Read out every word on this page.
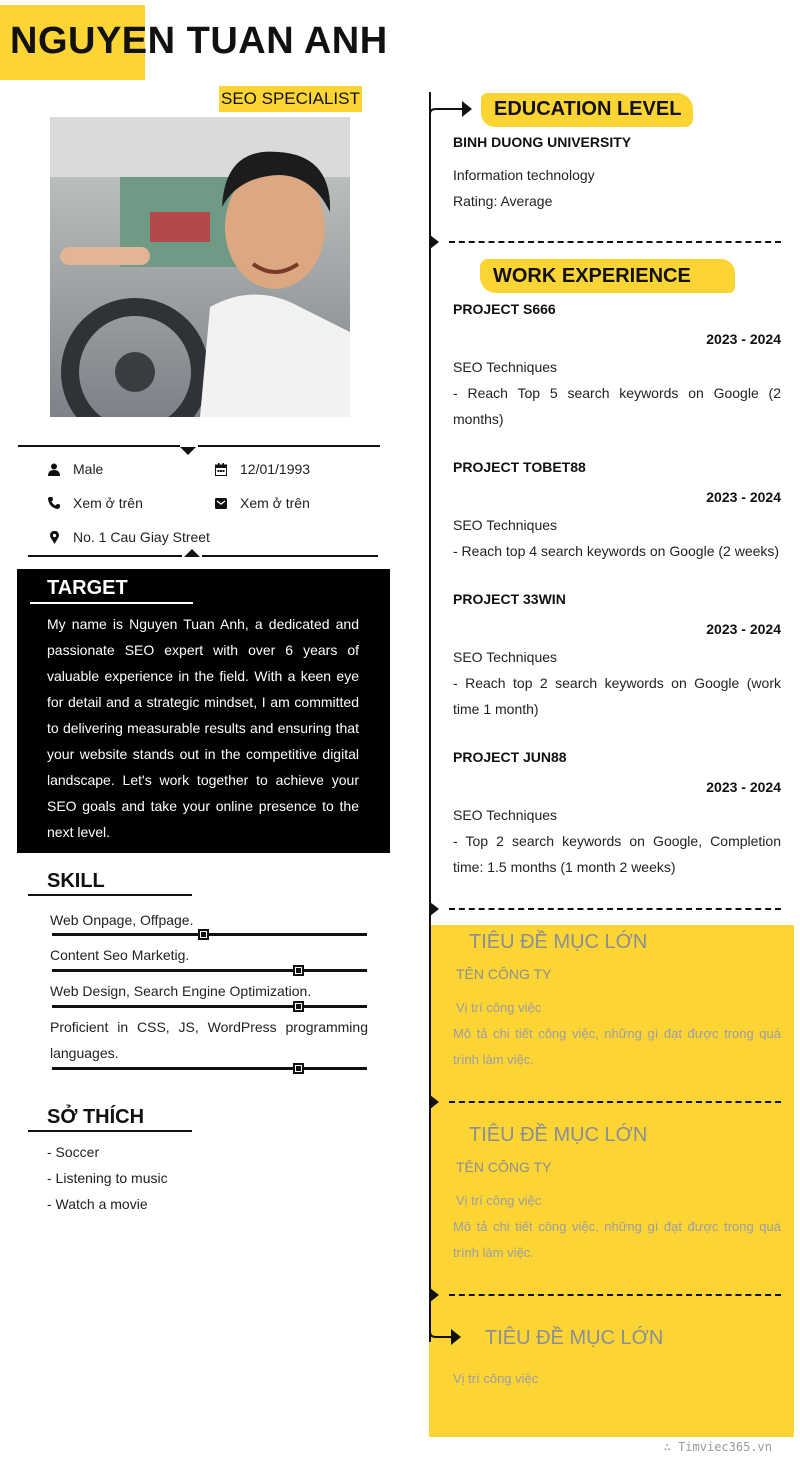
NGUYEN TUAN ANH
SEO SPECIALIST
Male	12/01/1993
Xem ở trên	Xem ở trên
No. 1 Cau Giay Street
TARGET
My name is Nguyen Tuan Anh, a dedicated and passionate SEO expert with over 6 years of valuable experience in the field. With a keen eye for detail and a strategic mindset, I am committed to delivering measurable results and ensuring that your website stands out in the competitive digital landscape. Let's work together to achieve your SEO goals and take your online presence to the next level.
SKILL
Web Onpage, Offpage.
Content Seo Marketig.
Web Design, Search Engine Optimization.
Proficient in CSS, JS, WordPress programming languages.
SỞ THÍCH
- Soccer
- Listening to music
- Watch a movie
EDUCATION LEVEL
BINH DUONG UNIVERSITY
Information technology
Rating: Average
WORK EXPERIENCE
PROJECT S666
2023 - 2024
SEO Techniques
- Reach Top 5 search keywords on Google (2 months)
PROJECT TOBET88
2023 - 2024
SEO Techniques
- Reach top 4 search keywords on Google (2 weeks)
PROJECT 33WIN
2023 - 2024
SEO Techniques
- Reach top 2 search keywords on Google (work time 1 month)
PROJECT JUN88
2023 - 2024
SEO Techniques
- Top 2 search keywords on Google, Completion time: 1.5 months (1 month 2 weeks)
TIÊU ĐỀ MỤC LỚN
TÊN CÔNG TY
Vị trí công việc
Mô tả chi tiết công việc, những gì đạt được trong quá trình làm việc.
TIÊU ĐỀ MỤC LỚN
TÊN CÔNG TY
Vị trí công việc
Mô tả chi tiết công việc, những gì đạt được trong quá trình làm việc.
TIÊU ĐỀ MỤC LỚN
Vị trí công việc
∴ Timviec365.vn
